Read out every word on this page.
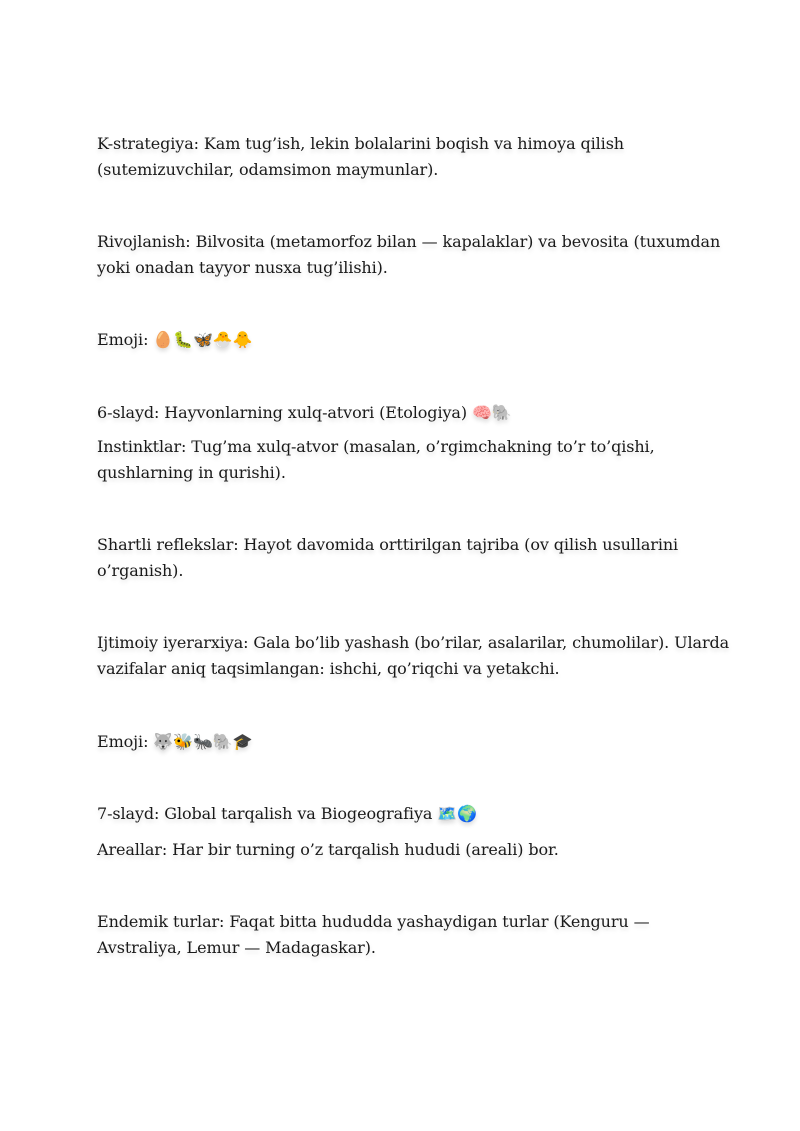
K-strategiya: Kam tug’ish, lekin bolalarini boqish va himoya qilish
(sutemizuvchilar, odamsimon maymunlar).

Rivojlanish: Bilvosita (metamorfoz bilan — kapalaklar) va bevosita (tuxumdan
yoki onadan tayyor nusxa tug’ilishi).

Emoji: 🥚🐛🦋🐣🐥

6-slayd: Hayvonlarning xulq-atvori (Etologiya) 🧠🐘

Instinktlar: Tug’ma xulq-atvor (masalan, o’rgimchakning to’r to’qishi,
qushlarning in qurishi).

Shartli reflekslar: Hayot davomida orttirilgan tajriba (ov qilish usullarini
o’rganish).

Ijtimoiy iyerarxiya: Gala bo’lib yashash (bo’rilar, asalarilar, chumolilar). Ularda
vazifalar aniq taqsimlangan: ishchi, qo’riqchi va yetakchi.

Emoji: 🐺🐝🐜🐘🎓

7-slayd: Global tarqalish va Biogeografiya 🗺️🌍

Areallar: Har bir turning o’z tarqalish hududi (areali) bor.

Endemik turlar: Faqat bitta hududda yashaydigan turlar (Kenguru —
Avstraliya, Lemur — Madagaskar).
